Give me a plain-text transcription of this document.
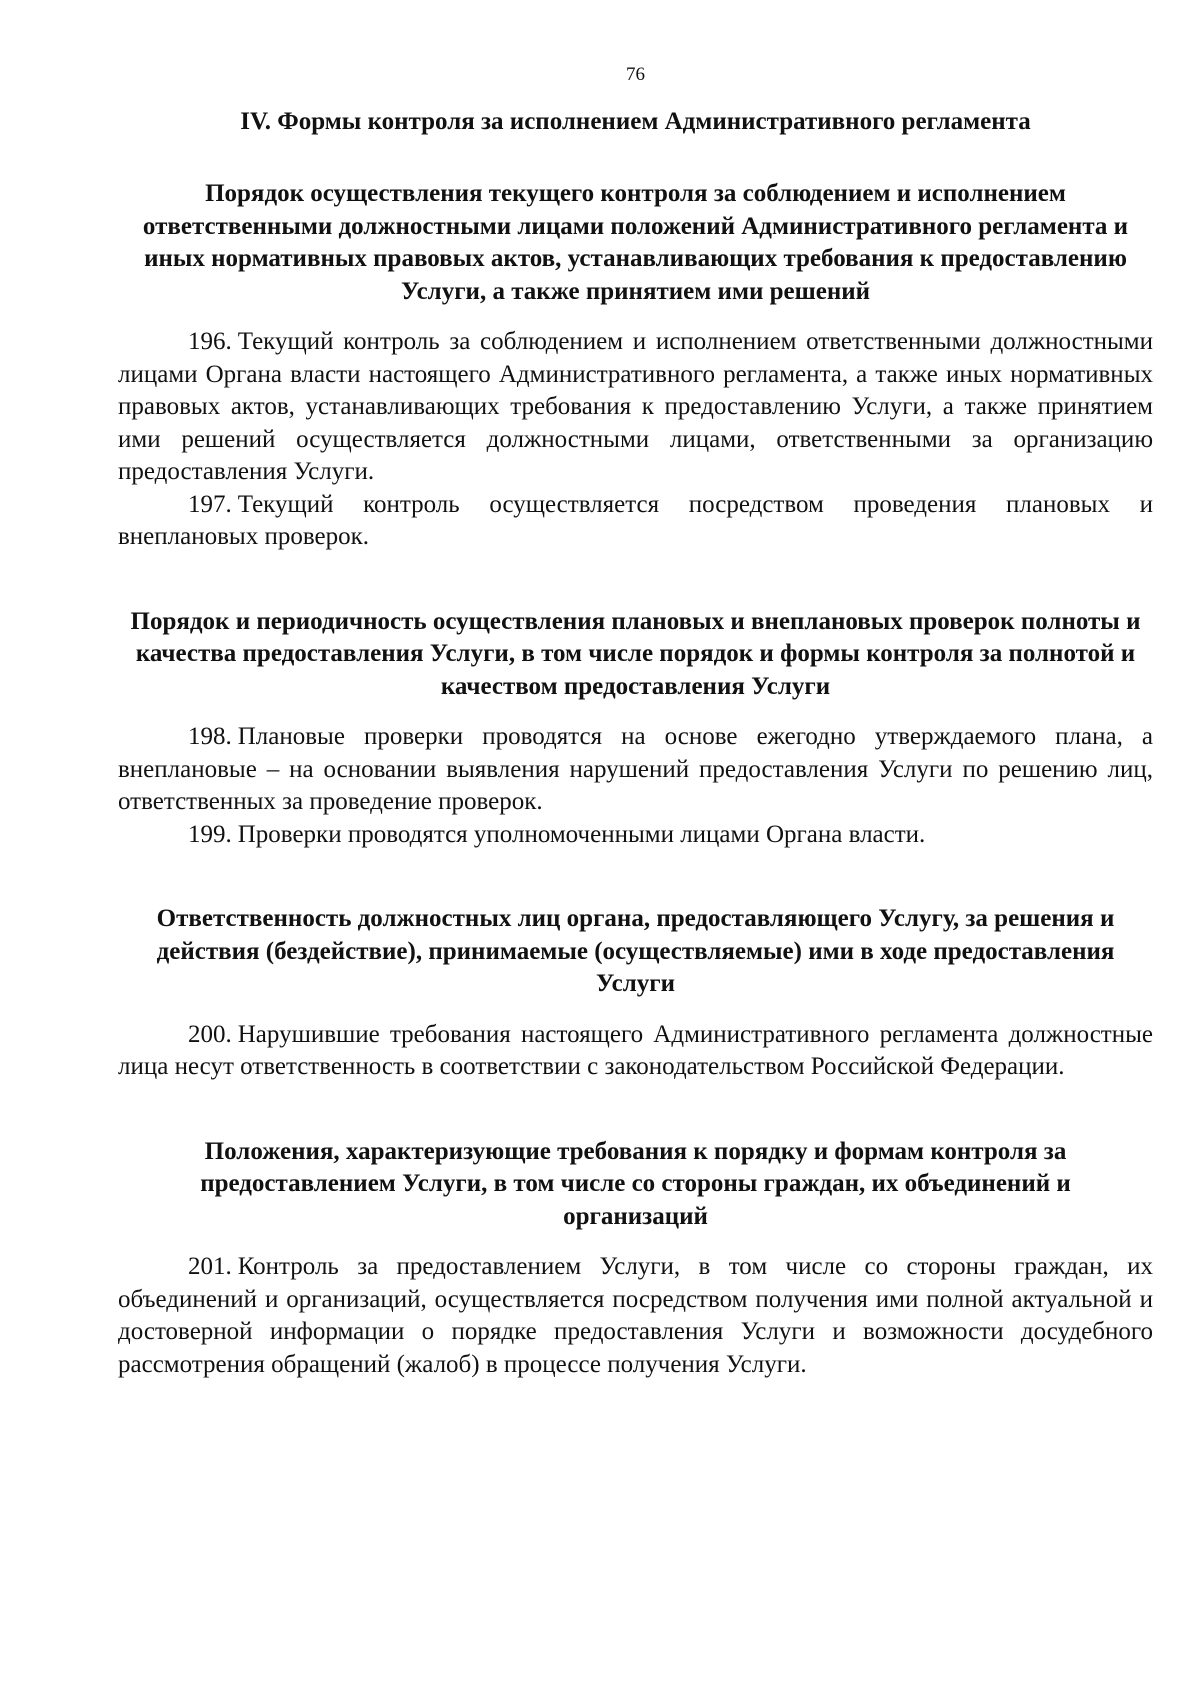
76
IV. Формы контроля за исполнением Административного регламента
Порядок осуществления текущего контроля за соблюдением и исполнением ответственными должностными лицами положений Административного регламента и иных нормативных правовых актов, устанавливающих требования к предоставлению Услуги, а также принятием ими решений

196. Текущий контроль за соблюдением и исполнением ответственными должностными лицами Органа власти настоящего Административного регламента, а также иных нормативных правовых актов, устанавливающих требования к предоставлению Услуги, а также принятием ими решений осуществляется должностными лицами, ответственными за организацию предоставления Услуги.

197. Текущий контроль осуществляется посредством проведения плановых и внеплановых проверок.

Порядок и периодичность осуществления плановых и внеплановых проверок полноты и качества предоставления Услуги, в том числе порядок и формы контроля за полнотой и качеством предоставления Услуги

198. Плановые проверки проводятся на основе ежегодно утверждаемого плана, а внеплановые – на основании выявления нарушений предоставления Услуги по решению лиц, ответственных за проведение проверок.

199. Проверки проводятся уполномоченными лицами Органа власти.

Ответственность должностных лиц органа, предоставляющего Услугу, за решения и действия (бездействие), принимаемые (осуществляемые) ими в ходе предоставления Услуги

200. Нарушившие требования настоящего Административного регламента должностные лица несут ответственность в соответствии с законодательством Российской Федерации.

Положения, характеризующие требования к порядку и формам контроля за предоставлением Услуги, в том числе со стороны граждан, их объединений и организаций

201. Контроль за предоставлением Услуги, в том числе со стороны граждан, их объединений и организаций, осуществляется посредством получения ими полной актуальной и достоверной информации о порядке предоставления Услуги и возможности досудебного рассмотрения обращений (жалоб) в процессе получения Услуги.
